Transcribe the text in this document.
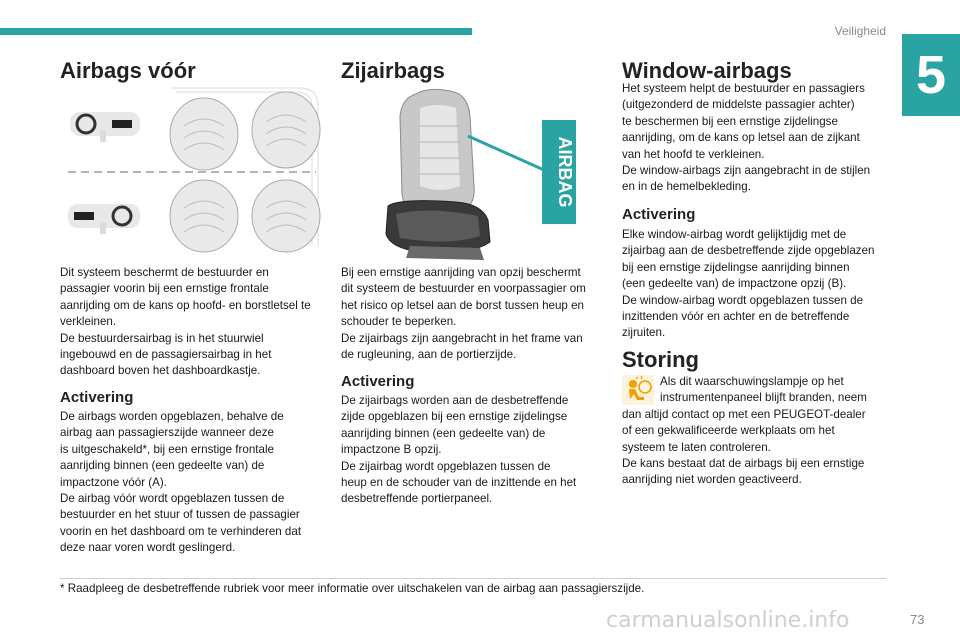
Veiligheid
5
Airbags vóór

Dit systeem beschermt de bestuurder en

passagier voorin bij een ernstige frontale

aanrijding om de kans op hoofd- en borstletsel te

verkleinen.

De bestuurdersairbag is in het stuurwiel

ingebouwd en de passagiersairbag in het

dashboard boven het dashboardkastje.

Activering

De airbags worden opgeblazen, behalve de

airbag aan passagierszijde wanneer deze

is uitgeschakeld*, bij een ernstige frontale

aanrijding binnen (een gedeelte van) de

impactzone vóór (A).

De airbag vóór wordt opgeblazen tussen de

bestuurder en het stuur of tussen de passagier

voorin en het dashboard om te verhinderen dat

deze naar voren wordt geslingerd.

Zijairbags
AIRBAG

Bij een ernstige aanrijding van opzij beschermt

dit systeem de bestuurder en voorpassagier om

het risico op letsel aan de borst tussen heup en

schouder te beperken.

De zijairbags zijn aangebracht in het frame van

de rugleuning, aan de portierzijde.

Activering

De zijairbags worden aan de desbetreffende

zijde opgeblazen bij een ernstige zijdelingse

aanrijding binnen (een gedeelte van) de

impactzone B opzij.

De zijairbag wordt opgeblazen tussen de

heup en de schouder van de inzittende en het

desbetreffende portierpaneel.

Window-airbags

Het systeem helpt de bestuurder en passagiers

(uitgezonderd de middelste passagier achter)

te beschermen bij een ernstige zijdelingse

aanrijding, om de kans op letsel aan de zijkant

van het hoofd te verkleinen.

De window-airbags zijn aangebracht in de stijlen

en in de hemelbekleding.

Activering

Elke window-airbag wordt gelijktijdig met de

zijairbag aan de desbetreffende zijde opgeblazen

bij een ernstige zijdelingse aanrijding binnen

(een gedeelte van) de impactzone opzij (B).

De window-airbag wordt opgeblazen tussen de

inzittenden vóór en achter en de betreffende

zijruiten.

Storing

Als dit waarschuwingslampje op het

instrumentenpaneel blijft branden, neem

dan altijd contact op met een PEUGEOT-dealer

of een gekwalificeerde werkplaats om het

systeem te laten controleren.

De kans bestaat dat de airbags bij een ernstige

aanrijding niet worden geactiveerd.

* Raadpleeg de desbetreffende rubriek voor meer informatie over uitschakelen van de airbag aan passagierszijde.
carmanualsonline.info	73
